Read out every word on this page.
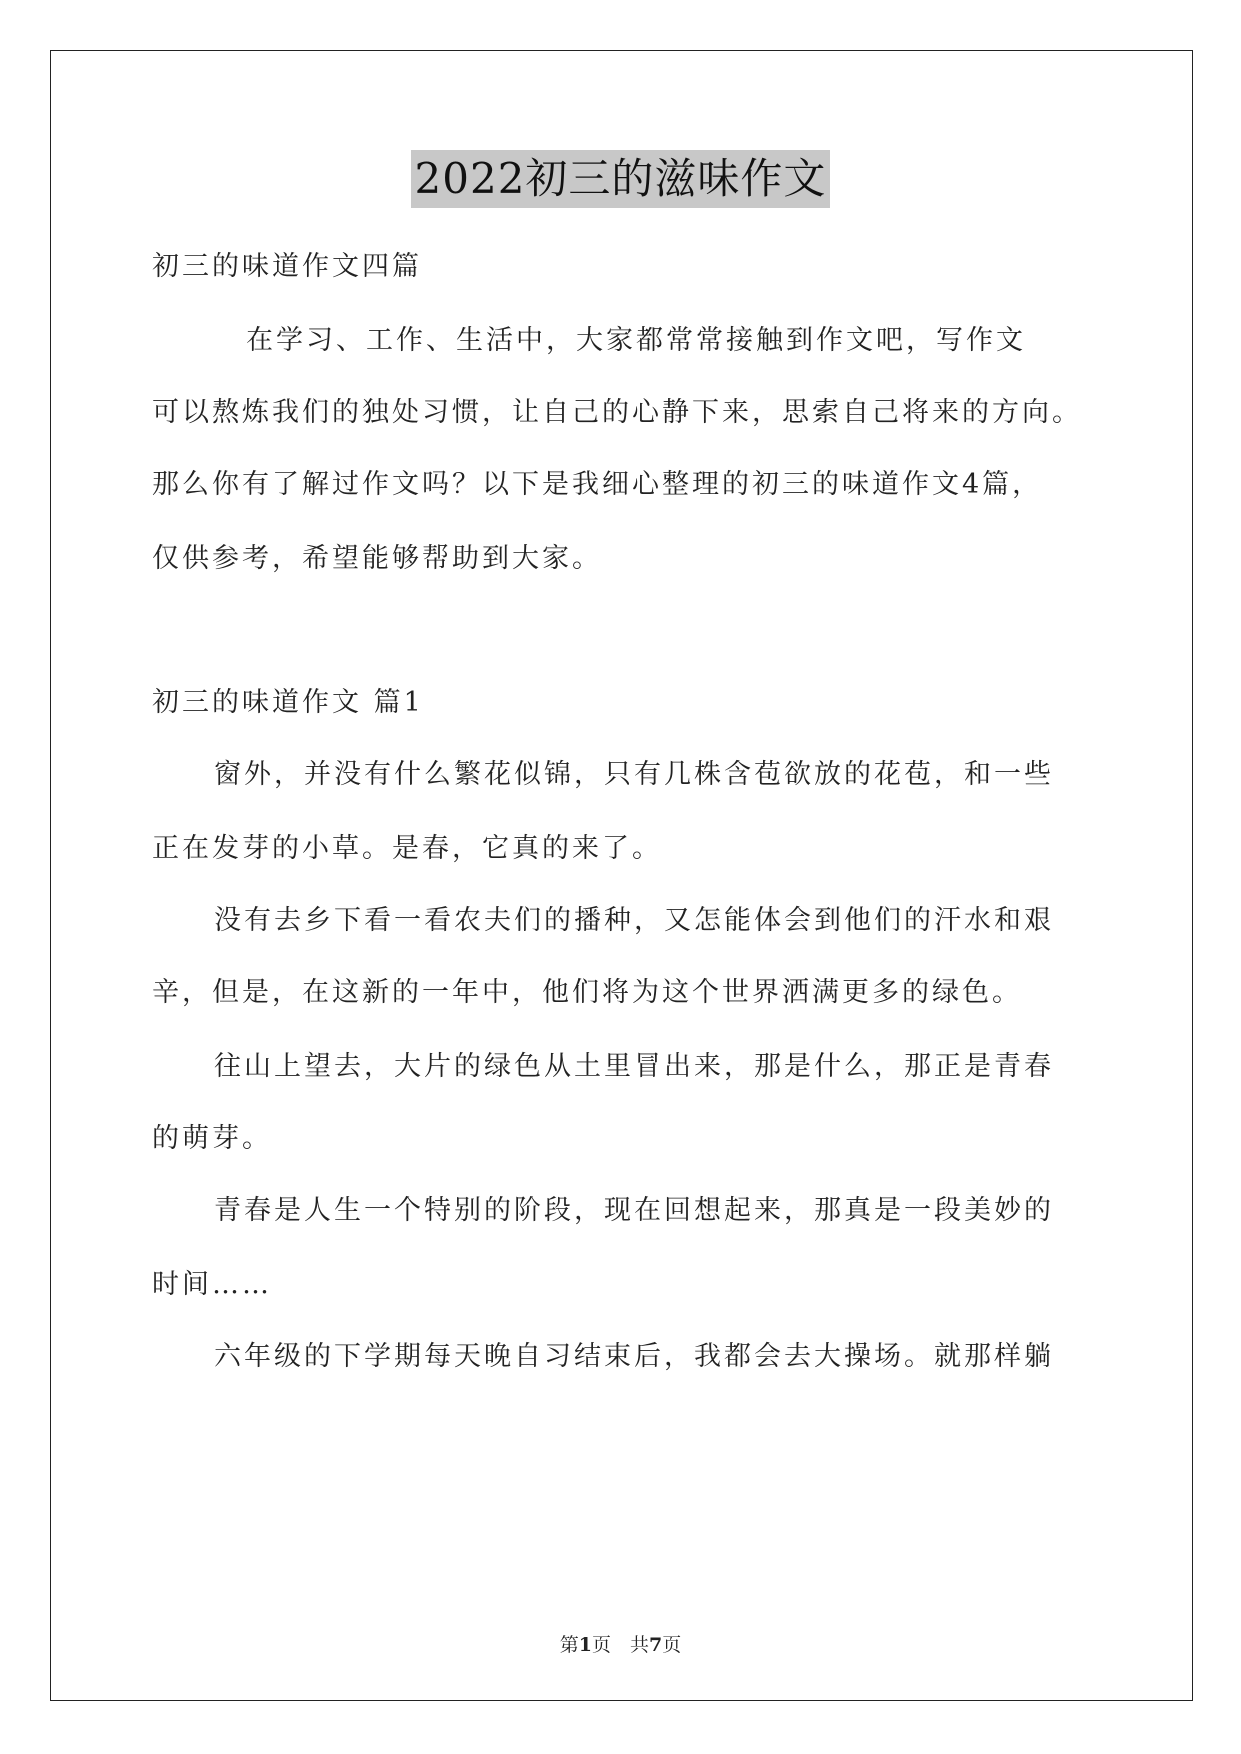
2022初三的滋味作文
初三的味道作文四篇
在学习、工作、生活中，大家都常常接触到作文吧，写作文
可以熬炼我们的独处习惯，让自己的心静下来，思索自己将来的方向。
那么你有了解过作文吗？以下是我细心整理的初三的味道作文4篇，
仅供参考，希望能够帮助到大家。
初三的味道作文 篇1
窗外，并没有什么繁花似锦，只有几株含苞欲放的花苞，和一些
正在发芽的小草。是春，它真的来了。
没有去乡下看一看农夫们的播种，又怎能体会到他们的汗水和艰
辛，但是，在这新的一年中，他们将为这个世界洒满更多的绿色。
往山上望去，大片的绿色从土里冒出来，那是什么，那正是青春
的萌芽。
青春是人生一个特别的阶段，现在回想起来，那真是一段美妙的
时间……
六年级的下学期每天晚自习结束后，我都会去大操场。就那样躺
第1页　共7页
